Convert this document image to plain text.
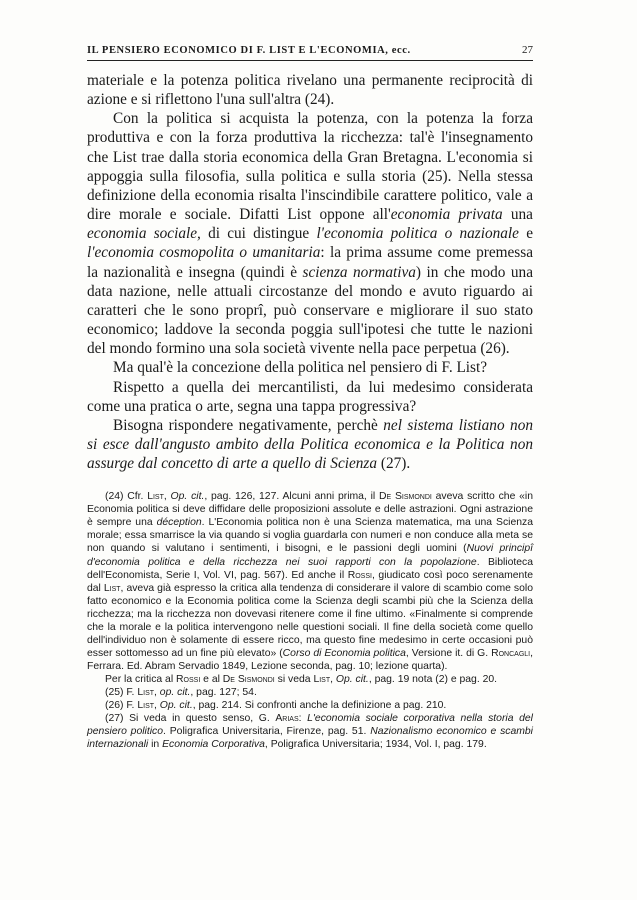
IL PENSIERO ECONOMICO DI F. LIST E L'ECONOMIA, ecc.	27

materiale e la potenza politica rivelano una permanente reciprocità di azione e si riflettono l'una sull'altra (24).

Con la politica si acquista la potenza, con la potenza la forza produttiva e con la forza produttiva la ricchezza: tal'è l'insegnamento che List trae dalla storia economica della Gran Bretagna. L'economia si appoggia sulla filosofia, sulla politica e sulla storia (25). Nella stessa definizione della economia risalta l'inscindibile carattere politico, vale a dire morale e sociale. Difatti List oppone all'economia privata una economia sociale, di cui distingue l'economia politica o nazionale e l'economia cosmopolita o umanitaria: la prima assume come premessa la nazionalità e insegna (quindi è scienza normativa) in che modo una data nazione, nelle attuali circostanze del mondo e avuto riguardo ai caratteri che le sono proprî, può conservare e migliorare il suo stato economico; laddove la seconda poggia sull'ipotesi che tutte le nazioni del mondo formino una sola società vivente nella pace perpetua (26).

Ma qual'è la concezione della politica nel pensiero di F. List?

Rispetto a quella dei mercantilisti, da lui medesimo considerata come una pratica o arte, segna una tappa progressiva?

Bisogna rispondere negativamente, perchè nel sistema listiano non si esce dall'angusto ambito della Politica economica e la Politica non assurge dal concetto di arte a quello di Scienza (27).

(24) Cfr. List, Op. cit., pag. 126, 127. Alcuni anni prima, il De Sismondi aveva scritto che «in Economia politica si deve diffidare delle proposizioni assolute e delle astrazioni. Ogni astrazione è sempre una déception. L'Economia politica non è una Scienza matematica, ma una Scienza morale; essa smarrisce la via quando si voglia guardarla con numeri e non conduce alla meta se non quando si valutano i sentimenti, i bisogni, e le passioni degli uomini (Nuovi principî d'economia politica e della ricchezza nei suoi rapporti con la popolazione. Biblioteca dell'Economista, Serie I, Vol. VI, pag. 567). Ed anche il Rossi, giudicato così poco serenamente dal List, aveva già espresso la critica alla tendenza di considerare il valore di scambio come solo fatto economico e la Economia politica come la Scienza degli scambi più che la Scienza della ricchezza; ma la ricchezza non dovevasi ritenere come il fine ultimo. «Finalmente si comprende che la morale e la politica intervengono nelle questioni sociali. Il fine della società come quello dell'individuo non è solamente di essere ricco, ma questo fine medesimo in certe occasioni può esser sottomesso ad un fine più elevato» (Corso di Economia politica, Versione it. di G. Roncagli, Ferrara. Ed. Abram Servadio 1849, Lezione seconda, pag. 10; lezione quarta).

Per la critica al Rossi e al De Sismondi si veda List, Op. cit., pag. 19 nota (2) e pag. 20.

(25) F. List, op. cit., pag. 127; 54.

(26) F. List, Op. cit., pag. 214. Si confronti anche la definizione a pag. 210.

(27) Si veda in questo senso, G. Arias: L'economia sociale corporativa nella storia del pensiero politico. Poligrafica Universitaria, Firenze, pag. 51. Nazionalismo economico e scambi internazionali in Economia Corporativa, Poligrafica Universitaria; 1934, Vol. I, pag. 179.
